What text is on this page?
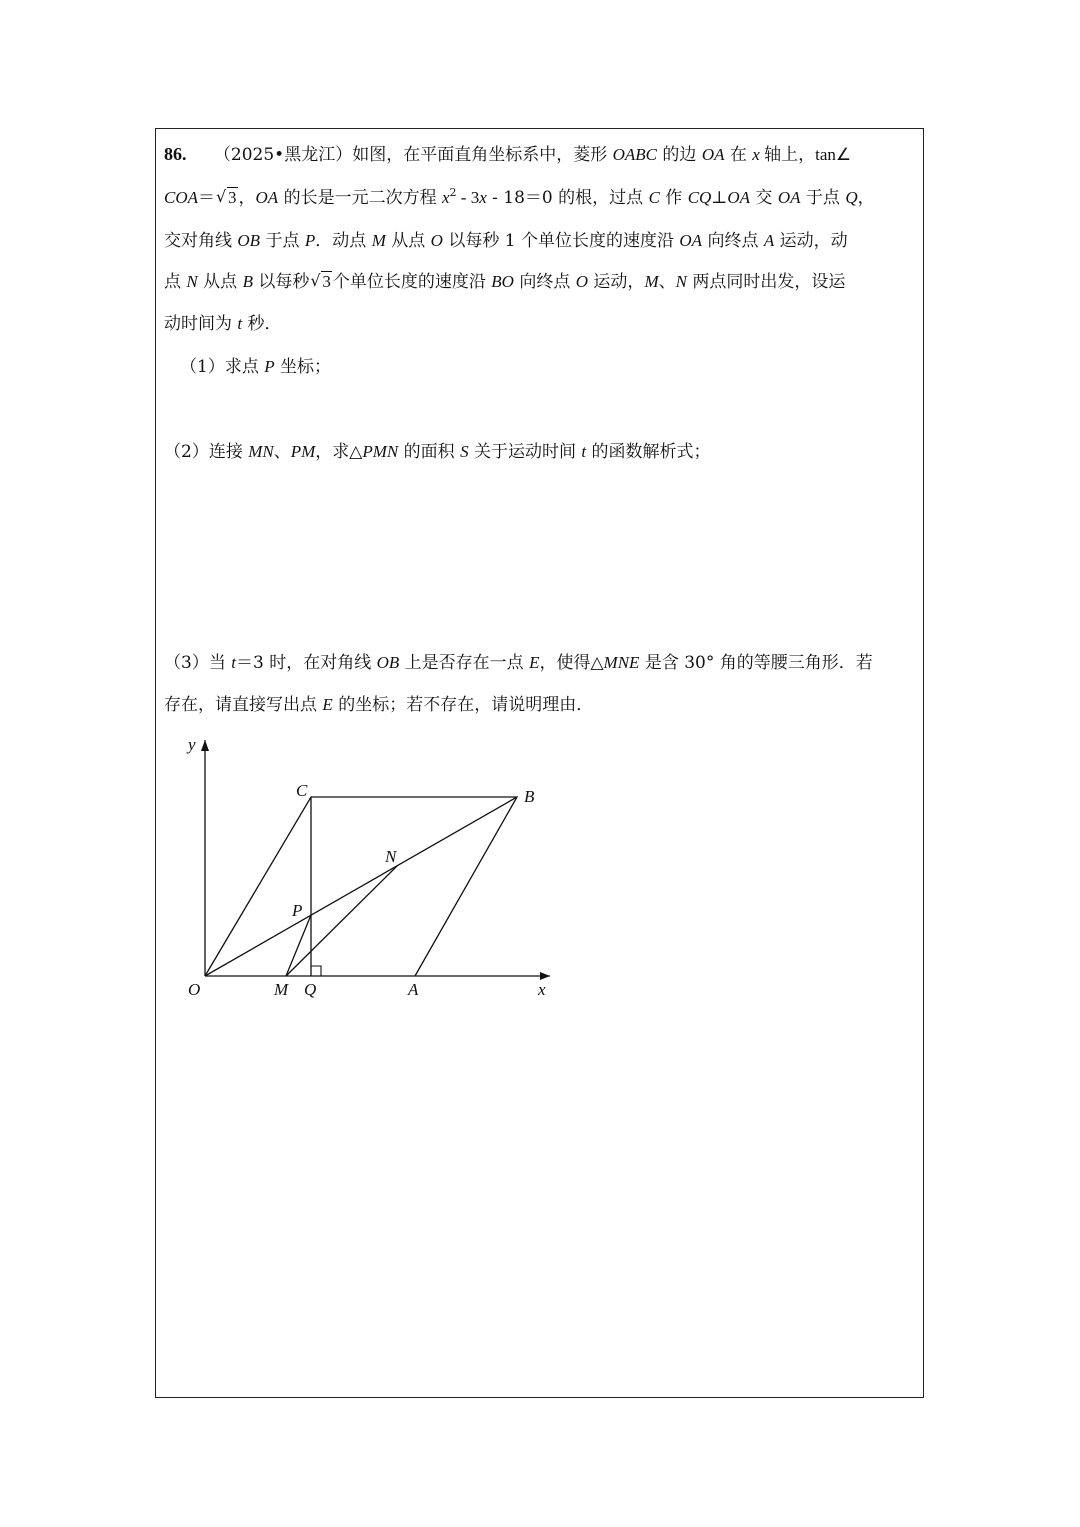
86. （2025•黑龙江）如图，在平面直角坐标系中，菱形 OABC 的边 OA 在 x 轴上，tan∠
COA＝ √ 3 ，OA 的长是一元二次方程 $x^2 - 3x - 18=0$ 的根，过点 C 作 CQ⊥OA 交 OA 于点 Q，
交对角线 OB 于点 P．动点 M 从点 O 以每秒 1 个单位长度的速度沿 OA 向终点 A 运动，动
点 N 从点 B 以每秒 √ 3 个单位长度的速度沿 BO 向终点 O 运动，M、N 两点同时出发，设运
动时间为 t 秒．
（1）求点 P 坐标；
（2）连接 MN、PM，求△PMN 的面积 S 关于运动时间 t 的函数解析式；
（3）当 t＝3 时，在对角线 OB 上是否存在一点 E，使得△MNE 是含 30° 角的等腰三角形．若
存在，请直接写出点 E 的坐标；若不存在，请说明理由．
y
x
O	A
B
C
M Q
N
P
